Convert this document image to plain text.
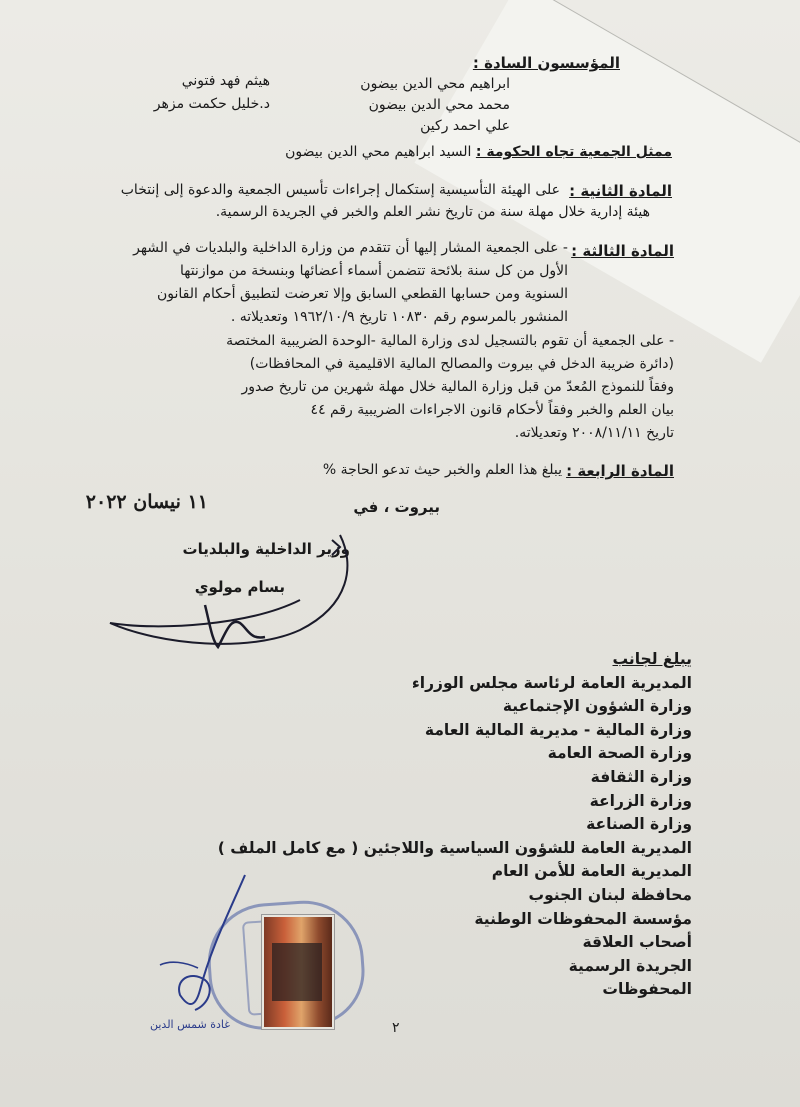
المؤسسون السادة :
ابراهيم محي الدين بيضون
محمد محي الدين بيضون
علي احمد ركين
هيثم فهد فتوني
د.خليل حكمت مزهر
ممثل الجمعية تجاه الحكومة : السيد ابراهيم محي الدين بيضون
المادة الثانية :
على الهيئة التأسيسية إستكمال إجراءات تأسيس الجمعية والدعوة إلى إنتخاب
هيئة إدارية خلال مهلة سنة من تاريخ نشر العلم والخبر في الجريدة الرسمية.
المادة الثالثة :
- على الجمعية المشار إليها أن تتقدم من وزارة الداخلية والبلديات في الشهر
الأول من كل سنة بلائحة تتضمن أسماء أعضائها وبنسخة من موازنتها
السنوية ومن حسابها القطعي السابق وإلا تعرضت لتطبيق أحكام القانون
المنشور بالمرسوم رقم ١٠٨٣٠ تاريخ ١٩٦٢/١٠/٩ وتعديلاته .
- على الجمعية أن تقوم بالتسجيل لدى وزارة المالية -الوحدة الضريبية المختصة
(دائرة ضريبة الدخل في بيروت والمصالح المالية الاقليمية في المحافظات)
وفقاً للنموذج المُعدّ من قبل وزارة المالية خلال مهلة شهرين من تاريخ صدور
بيان العلم والخبر وفقاً لأحكام قانون الاجراءات الضريبية رقم ٤٤
تاريخ ٢٠٠٨/١١/١١ وتعديلاته.
المادة الرابعة :
يبلغ هذا العلم والخبر حيث تدعو الحاجة %
بيروت ، في
١١ نيسان ٢٠٢٢
وزير الداخلية والبلديات
بسام مولوي
يبلغ لجانب
المديرية العامة لرئاسة مجلس الوزراء
وزارة الشؤون الإجتماعية
وزارة المالية - مديرية المالية العامة
وزارة الصحة العامة
وزارة الثقافة
وزارة الزراعة
وزارة الصناعة
المديرية العامة للشؤون السياسية واللاجئين ( مع كامل الملف )
المديرية العامة للأمن العام
محافظة لبنان الجنوب
مؤسسة المحفوظات الوطنية
أصحاب العلاقة
الجريدة الرسمية
المحفوظات
غادة شمس الدين	٢
